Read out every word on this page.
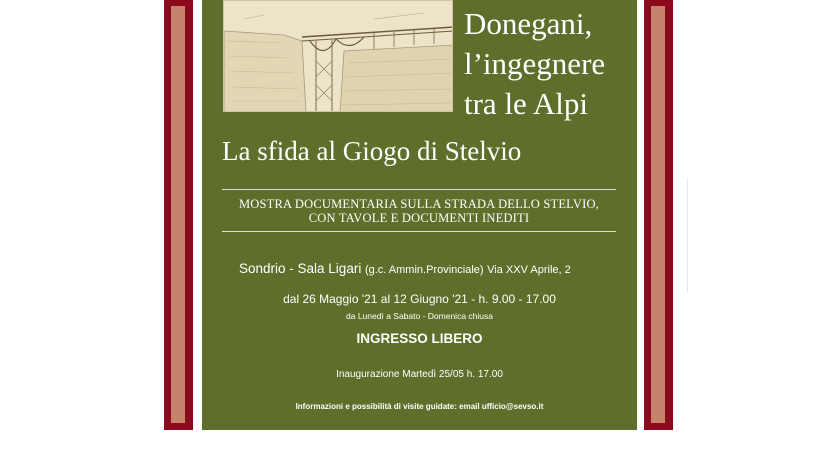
Donegani,
l’ingegnere
tra le Alpi
La sfida al Giogo di Stelvio
MOSTRA DOCUMENTARIA SULLA STRADA DELLO STELVIO,
CON TAVOLE E DOCUMENTI INEDITI
Sondrio - Sala Ligari (g.c. Ammin.Provinciale) Via XXV Aprile, 2
dal 26 Maggio '21 al 12 Giugno '21 - h. 9.00 - 17.00
da Lunedì a Sabato - Domenica chiusa
INGRESSO LIBERO
Inaugurazione Martedì 25/05 h. 17.00
Informazioni e possibilità di visite guidate: email ufficio@sevso.it
